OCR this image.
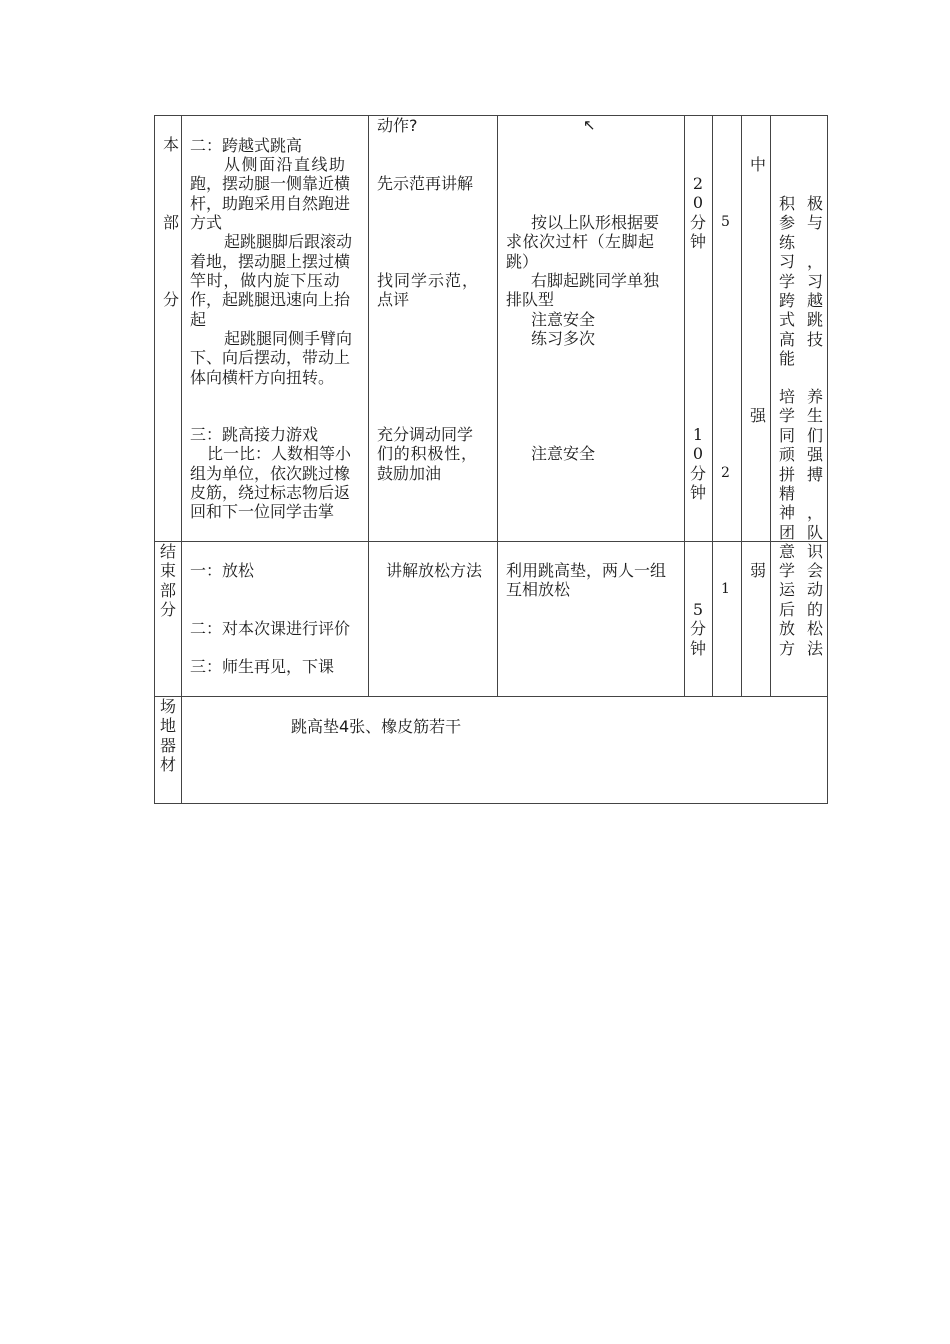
本
部
分
结束部分
场地器材
二：跨越式跳高
从侧面沿直线助
跑，摆动腿一侧靠近横
杆，助跑采用自然跑进
方式
起跳腿脚后跟滚动
着地，摆动腿上摆过横
竿时，做内旋下压动
作，起跳腿迅速向上抬
起
起跳腿同侧手臂向
下、向后摆动，带动上
体向横杆方向扭转。
三：跳高接力游戏
比一比：人数相等小
组为单位，依次跳过橡
皮筋，绕过标志物后返
回和下一位同学击掌
动作?
先示范再讲解
找同学示范，
点评
充分调动同学
们的积极性，
鼓励加油
↖
按以上队形根据要
求依次过杆（左脚起
跳）
右脚起跳同学单独
排队型
注意安全
练习多次
注意安全
20分钟
10分钟
5
2
中
强
积极参与练习，学习跨越式跳高技能
培养学生同们顽强拼搏精神，团队意识
一：放松
二：对本次课进行评价
三：师生再见，下课
讲解放松方法 利用跳高垫，两人一组
互相放松
5分钟
1
弱 学会运动后的放松方法
跳高垫4张、橡皮筋若干
